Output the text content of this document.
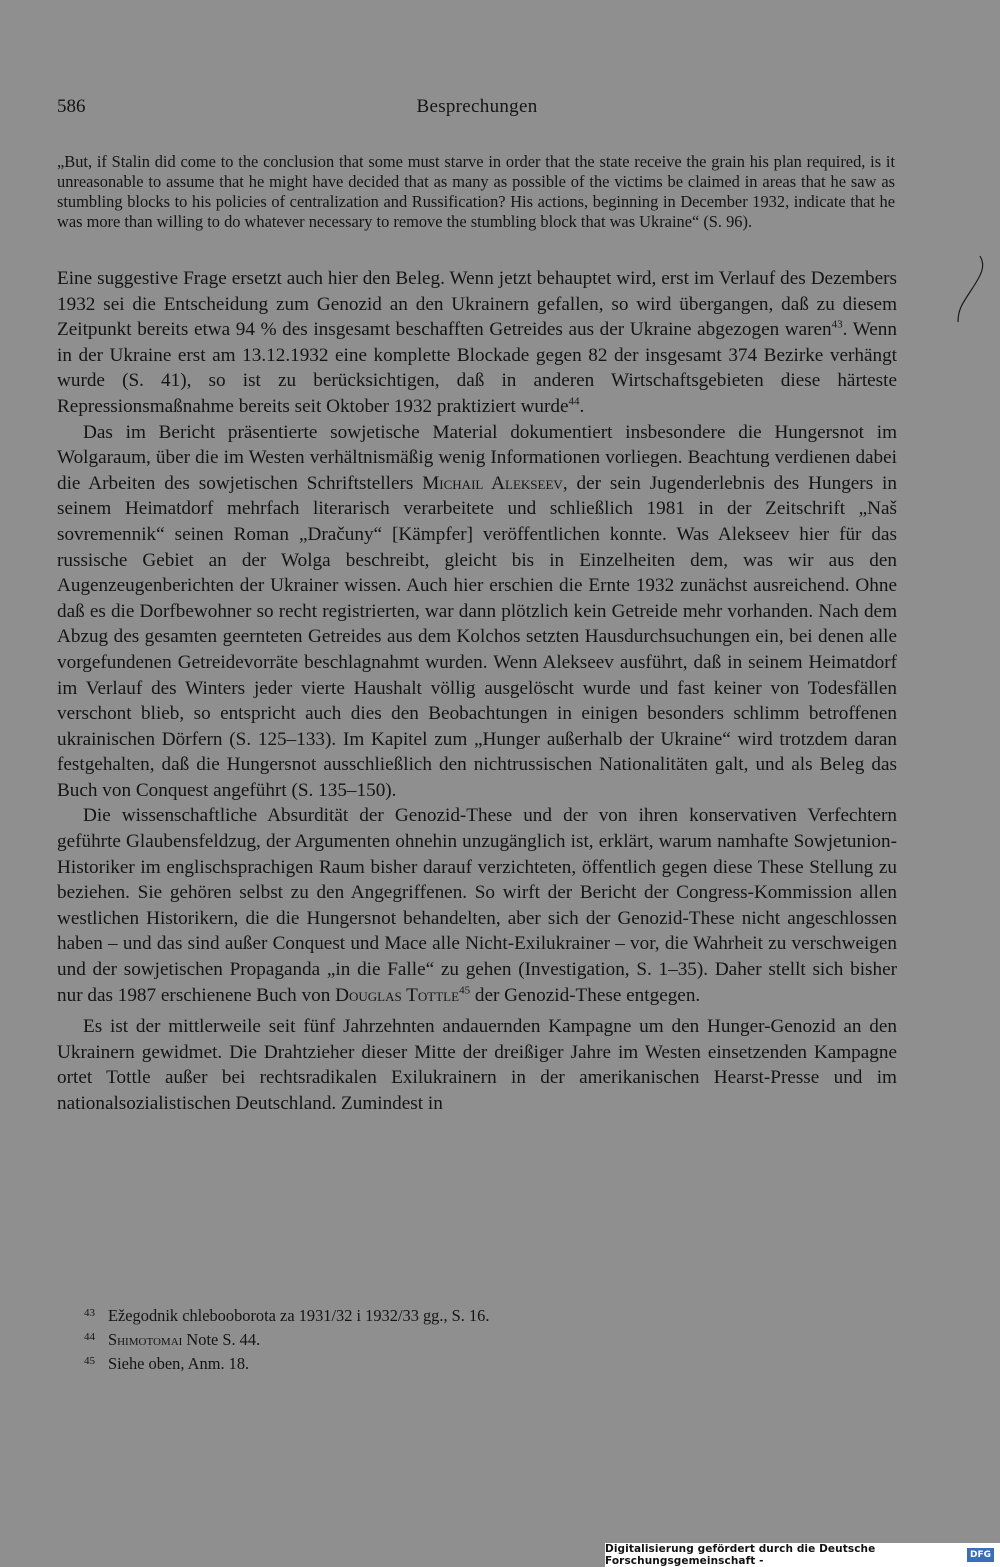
586	Besprechungen

„But, if Stalin did come to the conclusion that some must starve in order that the state receive the grain his plan required, is it unreasonable to assume that he might have decided that as many as possible of the victims be claimed in areas that he saw as stumbling blocks to his policies of centralization and Russification? His actions, beginning in December 1932, indicate that he was more than willing to do whatever necessary to remove the stumbling block that was Ukraine“ (S. 96).

Eine suggestive Frage ersetzt auch hier den Beleg. Wenn jetzt behauptet wird, erst im Verlauf des Dezembers 1932 sei die Entscheidung zum Genozid an den Ukrainern gefallen, so wird übergangen, daß zu diesem Zeitpunkt bereits etwa 94 % des insgesamt beschafften Getreides aus der Ukraine abgezogen waren$^{43}$. Wenn in der Ukraine erst am 13.12.1932 eine komplette Blockade gegen 82 der insgesamt 374 Bezirke verhängt wurde (S. 41), so ist zu berücksichtigen, daß in anderen Wirtschaftsgebieten diese härteste Repressionsmaßnahme bereits seit Oktober 1932 praktiziert wurde$^{44}$.

Das im Bericht präsentierte sowjetische Material dokumentiert insbesondere die Hungersnot im Wolgaraum, über die im Westen verhältnismäßig wenig Informationen vorliegen. Beachtung verdienen dabei die Arbeiten des sowjetischen Schriftstellers Michail Alekseev, der sein Jugenderlebnis des Hungers in seinem Heimatdorf mehrfach literarisch verarbeitete und schließlich 1981 in der Zeitschrift „Naš sovremennik“ seinen Roman „Dračuny“ [Kämpfer] veröffentlichen konnte. Was Alekseev hier für das russische Gebiet an der Wolga beschreibt, gleicht bis in Einzelheiten dem, was wir aus den Augenzeugenberichten der Ukrainer wissen. Auch hier erschien die Ernte 1932 zunächst ausreichend. Ohne daß es die Dorfbewohner so recht registrierten, war dann plötzlich kein Getreide mehr vorhanden. Nach dem Abzug des gesamten geernteten Getreides aus dem Kolchos setzten Hausdurchsuchungen ein, bei denen alle vorgefundenen Getreidevorräte beschlagnahmt wurden. Wenn Alekseev ausführt, daß in seinem Heimatdorf im Verlauf des Winters jeder vierte Haushalt völlig ausgelöscht wurde und fast keiner von Todesfällen verschont blieb, so entspricht auch dies den Beobachtungen in einigen besonders schlimm betroffenen ukrainischen Dörfern (S. 125–133). Im Kapitel zum „Hunger außerhalb der Ukraine“ wird trotzdem daran festgehalten, daß die Hungersnot ausschließlich den nichtrussischen Nationalitäten galt, und als Beleg das Buch von Conquest angeführt (S. 135–150).

Die wissenschaftliche Absurdität der Genozid-These und der von ihren konservativen Verfechtern geführte Glaubensfeldzug, der Argumenten ohnehin unzugänglich ist, erklärt, warum namhafte Sowjetunion-Historiker im englischsprachigen Raum bisher darauf verzichteten, öffentlich gegen diese These Stellung zu beziehen. Sie gehören selbst zu den Angegriffenen. So wirft der Bericht der Congress-Kommission allen westlichen Historikern, die die Hungersnot behandelten, aber sich der Genozid-These nicht angeschlossen haben – und das sind außer Conquest und Mace alle Nicht-Exilukrainer – vor, die Wahrheit zu verschweigen und der sowjetischen Propaganda „in die Falle“ zu gehen (Investigation, S. 1–35). Daher stellt sich bisher nur das 1987 erschienene Buch von Douglas Tottle$^{45}$ der Genozid-These entgegen.

Es ist der mittlerweile seit fünf Jahrzehnten andauernden Kampagne um den Hunger-Genozid an den Ukrainern gewidmet. Die Drahtzieher dieser Mitte der dreißiger Jahre im Westen einsetzenden Kampagne ortet Tottle außer bei rechtsradikalen Exilukrainern in der amerikanischen Hearst-Presse und im nationalsozialistischen Deutschland. Zumindest in

43 Ežegodnik chlebooborota za 1931/32 i 1932/33 gg., S. 16.
44 Shimotomai Note S. 44.
45 Siehe oben, Anm. 18.
Digitalisierung gefördert durch die Deutsche Forschungsgemeinschaft -	DFG
